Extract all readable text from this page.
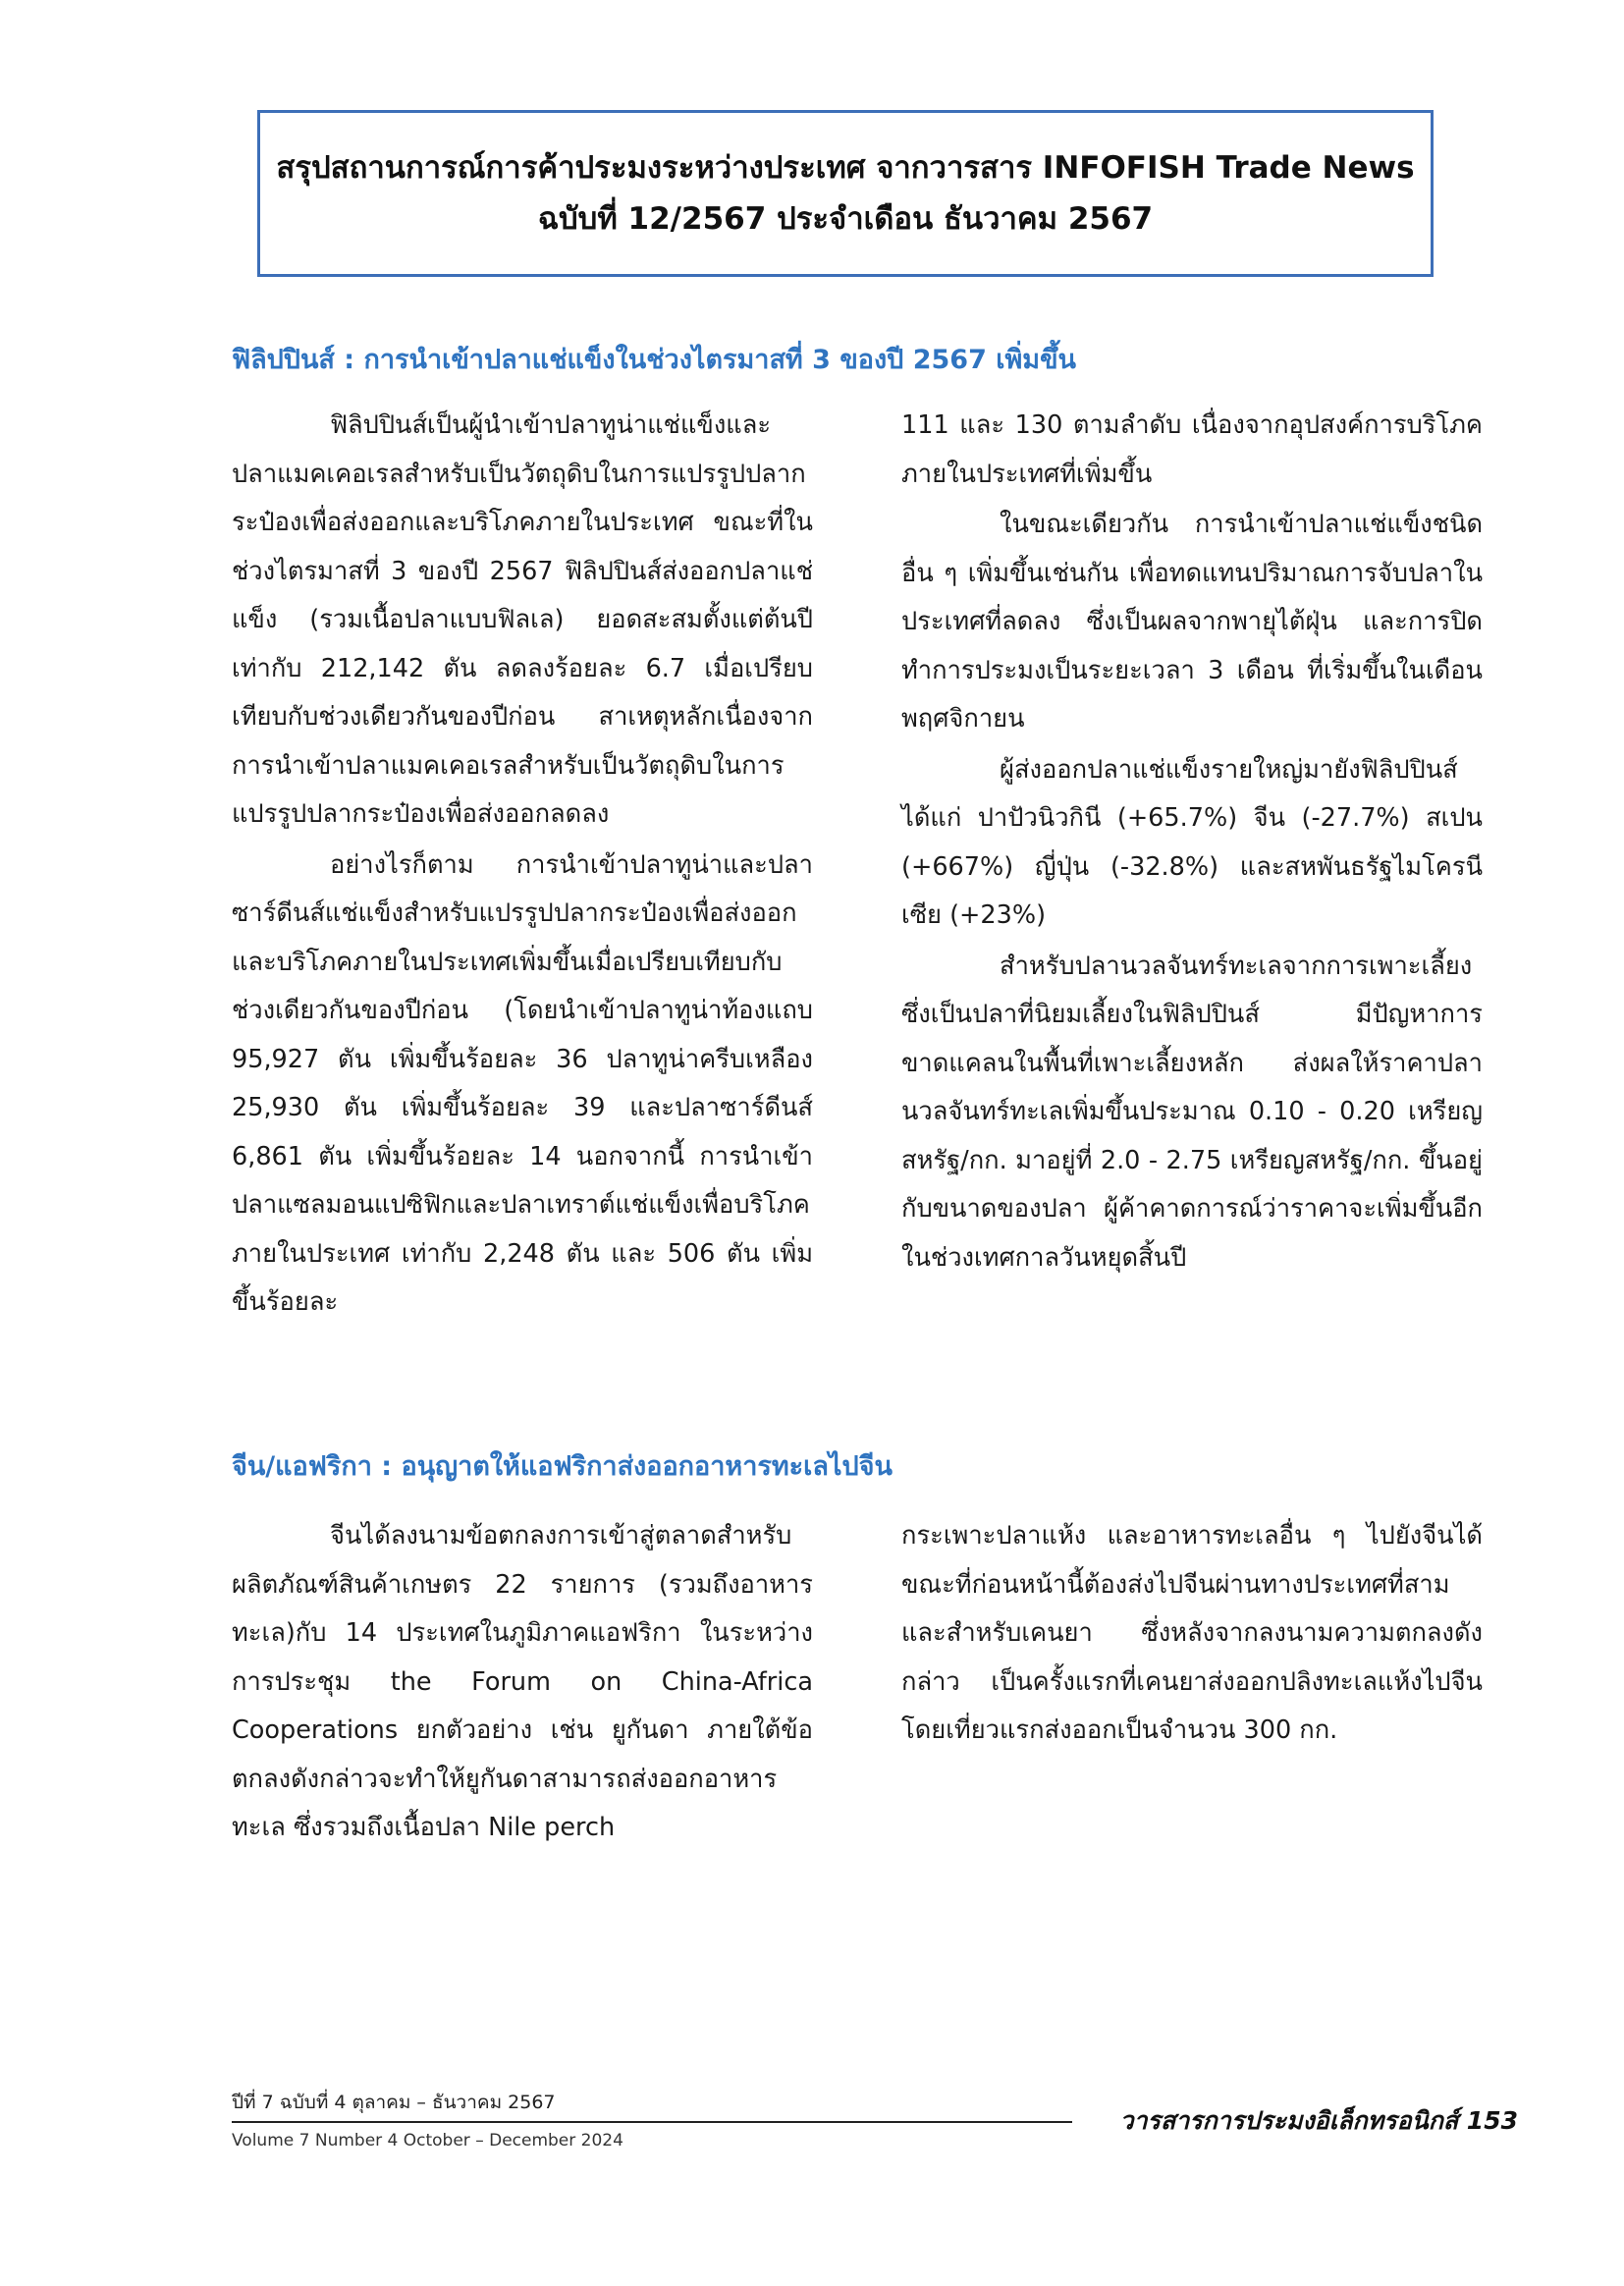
สรุปสถานการณ์การค้าประมงระหว่างประเทศ จากวารสาร INFOFISH Trade News
ฉบับที่ 12/2567 ประจำเดือน ธันวาคม 2567
ฟิลิปปินส์ : การนำเข้าปลาแช่แข็งในช่วงไตรมาสที่ 3 ของปี 2567 เพิ่มขึ้น

ฟิลิปปินส์เป็นผู้นำเข้าปลาทูน่าแช่แข็งและปลาแมคเคอเรลสำหรับเป็นวัตถุดิบในการแปรรูปปลากระป๋องเพื่อส่งออกและบริโภคภายในประเทศ ขณะที่ในช่วงไตรมาสที่ 3 ของปี 2567 ฟิลิปปินส์ส่งออกปลาแช่แข็ง (รวมเนื้อปลาแบบฟิลเล) ยอดสะสมตั้งแต่ต้นปี เท่ากับ 212,142 ตัน ลดลงร้อยละ 6.7 เมื่อเปรียบเทียบกับช่วงเดียวกันของปีก่อน สาเหตุหลักเนื่องจากการนำเข้าปลาแมคเคอเรลสำหรับเป็นวัตถุดิบในการแปรรูปปลากระป๋องเพื่อส่งออกลดลง

อย่างไรก็ตาม การนำเข้าปลาทูน่าและปลาซาร์ดีนส์แช่แข็งสำหรับแปรรูปปลากระป๋องเพื่อส่งออกและบริโภคภายในประเทศเพิ่มขึ้นเมื่อเปรียบเทียบกับช่วงเดียวกันของปีก่อน (โดยนำเข้าปลาทูน่าท้องแถบ 95,927 ตัน เพิ่มขึ้นร้อยละ 36 ปลาทูน่าครีบเหลือง 25,930 ตัน เพิ่มขึ้นร้อยละ 39 และปลาซาร์ดีนส์ 6,861 ตัน เพิ่มขึ้นร้อยละ 14 นอกจากนี้ การนำเข้าปลาแซลมอนแปซิฟิกและปลาเทราต์แช่แข็งเพื่อบริโภคภายในประเทศ เท่ากับ 2,248 ตัน และ 506 ตัน เพิ่มขึ้นร้อยละ

111 และ 130 ตามลำดับ เนื่องจากอุปสงค์การบริโภคภายในประเทศที่เพิ่มขึ้น

ในขณะเดียวกัน การนำเข้าปลาแช่แข็งชนิดอื่น ๆ เพิ่มขึ้นเช่นกัน เพื่อทดแทนปริมาณการจับปลาในประเทศที่ลดลง ซึ่งเป็นผลจากพายุไต้ฝุ่น และการปิดทำการประมงเป็นระยะเวลา 3 เดือน ที่เริ่มขึ้นในเดือนพฤศจิกายน

ผู้ส่งออกปลาแช่แข็งรายใหญ่มายังฟิลิปปินส์ ได้แก่ ปาปัวนิวกินี (+65.7%) จีน (-27.7%) สเปน (+667%) ญี่ปุ่น (-32.8%) และสหพันธรัฐไมโครนีเซีย (+23%)

สำหรับปลานวลจันทร์ทะเลจากการเพาะเลี้ยง ซึ่งเป็นปลาที่นิยมเลี้ยงในฟิลิปปินส์ มีปัญหาการขาดแคลนในพื้นที่เพาะเลี้ยงหลัก ส่งผลให้ราคาปลานวลจันทร์ทะเลเพิ่มขึ้นประมาณ 0.10 - 0.20 เหรียญสหรัฐ/กก. มาอยู่ที่ 2.0 - 2.75 เหรียญสหรัฐ/กก. ขึ้นอยู่กับขนาดของปลา ผู้ค้าคาดการณ์ว่าราคาจะเพิ่มขึ้นอีกในช่วงเทศกาลวันหยุดสิ้นปี

จีน/แอฟริกา : อนุญาตให้แอฟริกาส่งออกอาหารทะเลไปจีน

จีนได้ลงนามข้อตกลงการเข้าสู่ตลาดสำหรับผลิตภัณฑ์สินค้าเกษตร 22 รายการ (รวมถึงอาหารทะเล)กับ 14 ประเทศในภูมิภาคแอฟริกา ในระหว่างการประชุม the Forum on China-Africa Cooperations ยกตัวอย่าง เช่น ยูกันดา ภายใต้ข้อตกลงดังกล่าวจะทำให้ยูกันดาสามารถส่งออกอาหารทะเล ซึ่งรวมถึงเนื้อปลา Nile perch

กระเพาะปลาแห้ง และอาหารทะเลอื่น ๆ ไปยังจีนได้ ขณะที่ก่อนหน้านี้ต้องส่งไปจีนผ่านทางประเทศที่สาม และสำหรับเคนยา ซึ่งหลังจากลงนามความตกลงดังกล่าว เป็นครั้งแรกที่เคนยาส่งออกปลิงทะเลแห้งไปจีน โดยเที่ยวแรกส่งออกเป็นจำนวน 300 กก.

ปีที่ 7 ฉบับที่ 4 ตุลาคม – ธันวาคม 2567
Volume 7 Number 4 October – December 2024
วารสารการประมงอิเล็กทรอนิกส์ 153
